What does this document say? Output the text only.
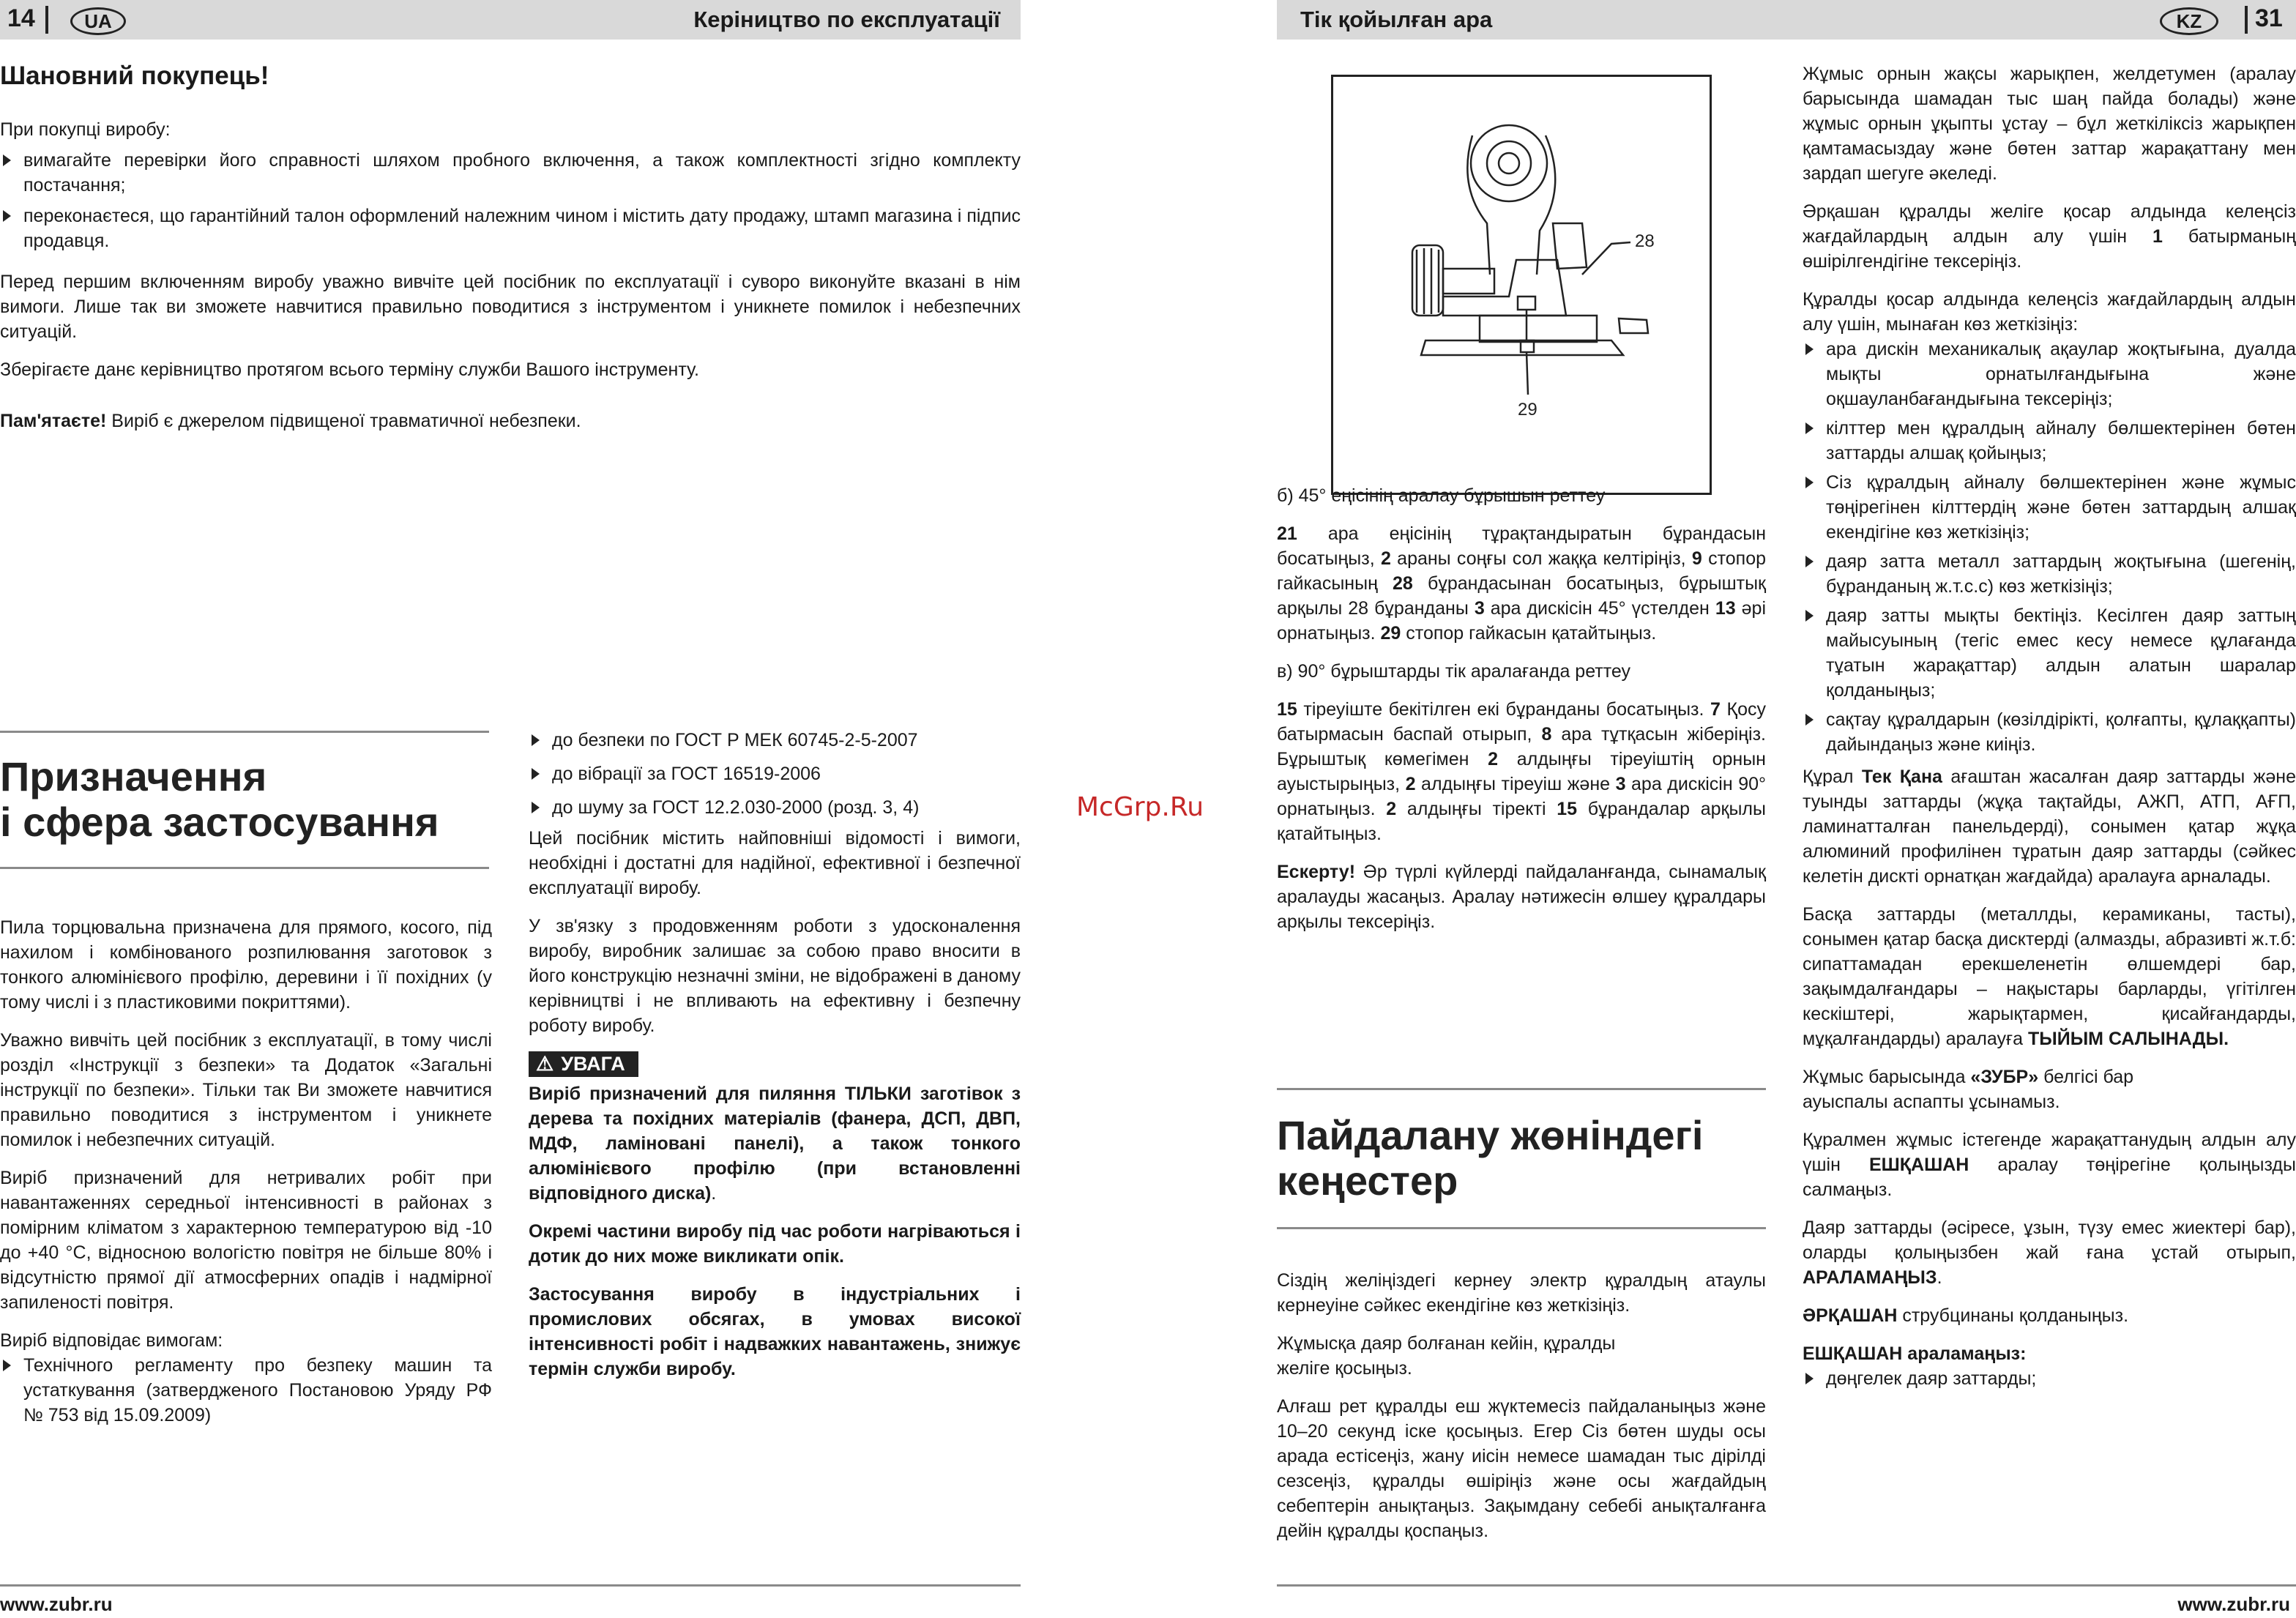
14	UA	Керіництво по експлуатації
Шановний покупець!

При покупці виробу:

вимагайте перевірки його справності шляхом пробного включення, а також комплектності згідно комплекту постачання;
переконаєтеся, що гарантійний талон оформлений належним чином і містить дату продажу, штамп магазина і підпис продавця.

Перед першим включенням виробу уважно вивчіте цей посібник по експлуатації і суворо виконуйте вказані в нім вимоги. Лише так ви зможете навчитися правильно поводитися з інструментом і уникнете помилок і небезпечних ситуацій.

Зберігаєте данє керівництво протягом всього терміну служби Вашого інструменту.

Пам'ятаєте! Виріб є джерелом підвищеної травматичної небезпеки.

Призначення
і сфера застосування

Пила торцювальна призначена для прямого, косого, під нахилом і комбінованого розпилювання заготовок з тонкого алюмінієвого профілю, деревини і її похідних (у тому числі і з пластиковими покриттями).

Уважно вивчіть цей посібник з експлуатації, в тому числі розділ «Інструкції з безпеки» та Додаток «Загальні інструкції по безпеки». Тільки так Ви зможете навчитися правильно поводитися з інструментом і уникнете помилок і небезпечних ситуацій.

Виріб призначений для нетривалих робіт при навантаженнях середньої інтенсивності в районах з помірним кліматом з характерною температурою від -10 до +40 °С, відносною вологістю повітря не більше 80% і відсутністю прямої дії атмосферних опадів і надмірної запиленості повітря.

Виріб відповідає вимогам:

Технічного регламенту про безпеку машин та устаткування (затвердженого Постановою Уряду РФ № 753 від 15.09.2009)
до безпеки по ГОСТ Р МЕК 60745-2-5-2007
до вібрації за ГОСТ 16519-2006
до шуму за ГОСТ 12.2.030-2000 (розд. 3, 4)

Цей посібник містить найповніші відомості і вимоги, необхідні і достатні для надійної, ефективної і безпечної експлуатації виробу.

У зв'язку з продовженням роботи з удосконалення виробу, виробник залишає за собою право вносити в його конструкцію незначні зміни, не відображені в даному керівництві і не впливають на ефективну і безпечну роботу виробу.

⚠ УВАГА

Виріб призначений для пиляння ТІЛЬКИ заготівок з дерева та похідних матеріалів (фанера, ДСП, ДВП, МДФ, ламіновані панелі), а також тонкого алюмінієвого профілю (при встановленні відповідного диска).

Окремі частини виробу під час роботи нагріваються і дотик до них може викликати опік.

Застосування виробу в індустріальних і промислових обсягах, в умовах високої інтенсивності робіт і надважких навантажень, знижує термін служби виробу.

www.zubr.ru
McGrp.Ru
Тік қойылған ара	KZ	31
28
29

б) 45° еңісінің аралау бұрышын реттеу

21 ара еңісінің тұрақтандыратын бұрандасын босатыңыз, 2 араны соңғы сол жаққа келтіріңіз, 9 стопор гайкасының 28 бұрандасынан босатыңыз, бұрыштық арқылы 28 бұранданы 3 ара дискісін 45° үстелден 13 әрі орнатыңыз. 29 стопор гайкасын қатайтыңыз.

в) 90° бұрыштарды тік аралағанда реттеу

15 тіреуіште бекітілген екі бұранданы босатыңыз. 7 Қосу батырмасын баспай отырып, 8 ара тұтқасын жіберіңіз. Бұрыштық көмегімен 2 алдыңғы тіреуіштің орнын ауыстырыңыз, 2 алдыңғы тіреуіш және 3 ара дискісін 90° орнатыңыз. 2 алдыңғы тіректі 15 бұрандалар арқылы қатайтыңыз.

Ескерту! Әр түрлі күйлерді пайдаланғанда, сынамалық аралауды жасаңыз. Аралау нәтижесін өлшеу құралдары арқылы тексеріңіз.

Пайдалану жөніндегі
кеңестер

Сіздің желіңіздегі кернеу электр құралдың атаулы кернеуіне сәйкес екендігіне көз жеткізіңіз.

Жұмысқа даяр болғанан кейін, құралды желіге қосыңыз.

Алғаш рет құралды еш жүктемесіз пайдаланыңыз және 10–20 секунд іске қосыңыз. Егер Сіз бөтен шуды осы арада естісеңіз, жану иісін немесе шамадан тыс дірілді сезсеңіз, құралды өшіріңіз және осы жағдайдың себептерін анықтаңыз. Зақымдану себебі анықталғанға дейін құралды қоспаңыз.

Жұмыс орнын жақсы жарықпен, желдетумен (аралау барысында шамадан тыс шаң пайда болады) және жұмыс орнын ұқыпты ұстау – бұл жеткіліксіз жарықпен қамтамасыздау және бөтен заттар жарақаттану мен зардап шегуге әкеледі.

Әрқашан құралды желіге қосар алдында келеңсіз жағдайлардың алдын алу үшін 1 батырманың өшірілгендігіне тексеріңіз.

Құралды қосар алдында келеңсіз жағдайлардың алдын алу үшін, мынаған көз жеткізіңіз:

ара дискін механикалық ақаулар жоқтығына, дуалда мықты орнатылғандығына және оқшауланбағандығына тексеріңіз;
кілттер мен құралдың айналу бөлшектерінен бөтен заттарды алшақ қойыңыз;
Сіз құралдың айналу бөлшектерінен және жұмыс төңірегінен кілттердің және бөтен заттардың алшақ екендігіне көз жеткізіңіз;
даяр затта металл заттардың жоқтығына (шегенің, бұранданың ж.т.с.с) көз жеткізіңіз;
даяр затты мықты бектіңіз. Кесілген даяр заттың майысуының (тегіс емес кесу немесе құлағанда тұатын жарақаттар) алдын алатын шаралар қолданыңыз;
сақтау құралдарын (көзілдірікті, қолғапты, құлаққапты) дайындаңыз және киіңіз.

Құрал Тек Қана ағаштан жасалған даяр заттарды және туынды заттарды (жұқа тақтайды, АЖП, АТП, АҒП, ламинатталған панельдерді), сонымен қатар жұқа алюминий профилінен тұратын даяр заттарды (сәйкес келетін дискті орнатқан жағдайда) аралауға арналады.

Басқа заттарды (металлды, керамиканы, тасты), сонымен қатар басқа дисктерді (алмазды, абразивті ж.т.б: сипаттамадан ерекшеленетін өлшемдері бар, зақымдалғандары – нақыстары барларды, үгітілген кескіштері, жарықтармен, қисайғандарды, мұқалғандарды) аралауға ТЫЙЫМ САЛЫНАДЫ.

Жұмыс барысында «ЗУБР» белгісі бар ауыспалы аспапты ұсынамыз.

Құралмен жұмыс істегенде жарақаттанудың алдын алу үшін ЕШҚАШАН аралау төңірегіне қолыңызды салмаңыз.

Даяр заттарды (әсіресе, ұзын, түзу емес жиектері бар), оларды қолыңызбен жай ғана ұстай отырып, АРАЛАМАҢЫЗ.

ӘРҚАШАН струбцинаны қолданыңыз.

ЕШҚАШАН араламаңыз:

дөңгелек даяр заттарды;
www.zubr.ru
